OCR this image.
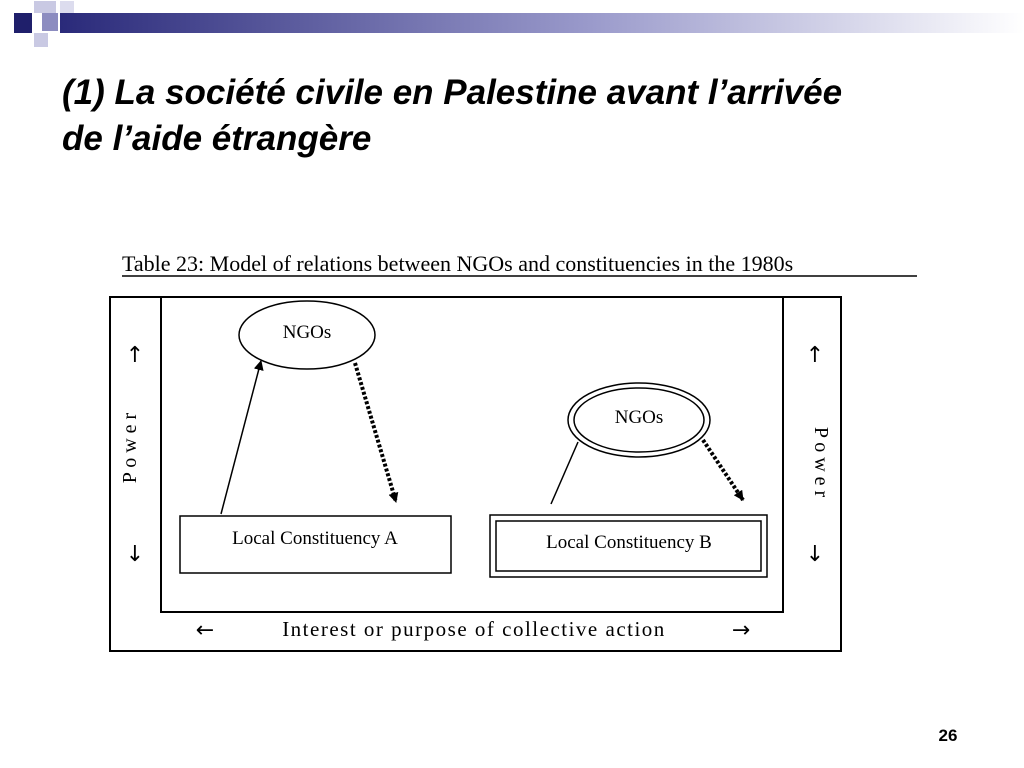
(1) La société civile en Palestine avant l’arrivée
de l’aide étrangère
Table 23: Model of relations between NGOs and constituencies in the 1980s
NGOs
NGOs
Local Constituency A	Local Constituency B
↑
P o w e r
↓
↑
P o w e r
↓
←	Interest or purpose of collective action	→
26
